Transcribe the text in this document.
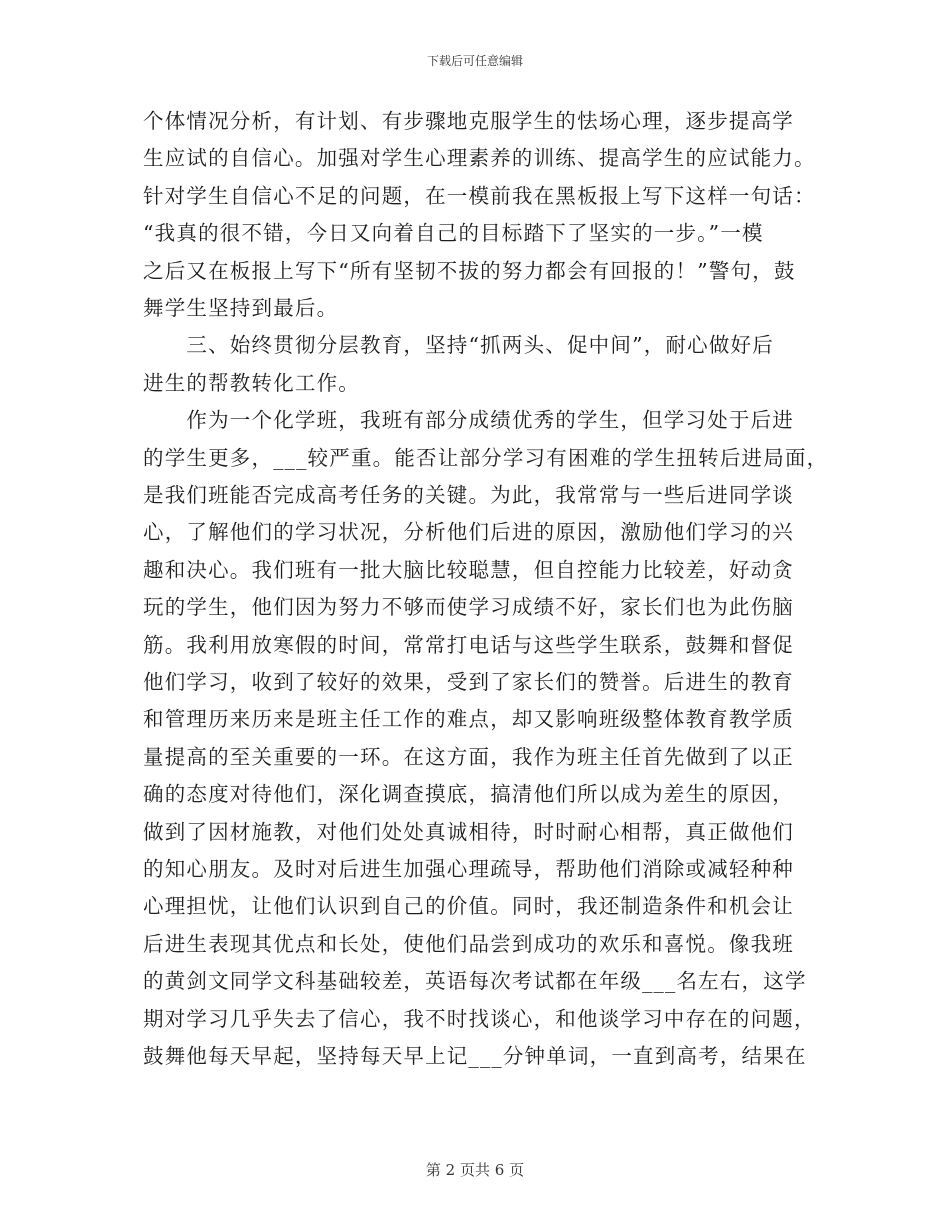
下载后可任意编辑
个体情况分析，有计划、有步骤地克服学生的怯场心理，逐步提高学
生应试的自信心。加强对学生心理素养的训练、提高学生的应试能力。
针对学生自信心不足的问题，在一模前我在黑板报上写下这样一句话：
“我真的很不错，今日又向着自己的目标踏下了坚实的一步。”一模
之后又在板报上写下“所有坚韧不拔的努力都会有回报的！”警句，鼓
舞学生坚持到最后。
　　三、始终贯彻分层教育，坚持“抓两头、促中间”，耐心做好后
进生的帮教转化工作。
　　作为一个化学班，我班有部分成绩优秀的学生，但学习处于后进
的学生更多，___较严重。能否让部分学习有困难的学生扭转后进局面，
是我们班能否完成高考任务的关键。为此，我常常与一些后进同学谈
心，了解他们的学习状况，分析他们后进的原因，激励他们学习的兴
趣和决心。我们班有一批大脑比较聪慧，但自控能力比较差，好动贪
玩的学生，他们因为努力不够而使学习成绩不好，家长们也为此伤脑
筋。我利用放寒假的时间，常常打电话与这些学生联系，鼓舞和督促
他们学习，收到了较好的效果，受到了家长们的赞誉。后进生的教育
和管理历来历来是班主任工作的难点，却又影响班级整体教育教学质
量提高的至关重要的一环。在这方面，我作为班主任首先做到了以正
确的态度对待他们，深化调查摸底，搞清他们所以成为差生的原因，
做到了因材施教，对他们处处真诚相待，时时耐心相帮，真正做他们
的知心朋友。及时对后进生加强心理疏导，帮助他们消除或减轻种种
心理担忧，让他们认识到自己的价值。同时，我还制造条件和机会让
后进生表现其优点和长处，使他们品尝到成功的欢乐和喜悦。像我班
的黄剑文同学文科基础较差，英语每次考试都在年级___名左右，这学
期对学习几乎失去了信心，我不时找谈心，和他谈学习中存在的问题，
鼓舞他每天早起，坚持每天早上记___分钟单词，一直到高考，结果在
第 2 页共 6 页
